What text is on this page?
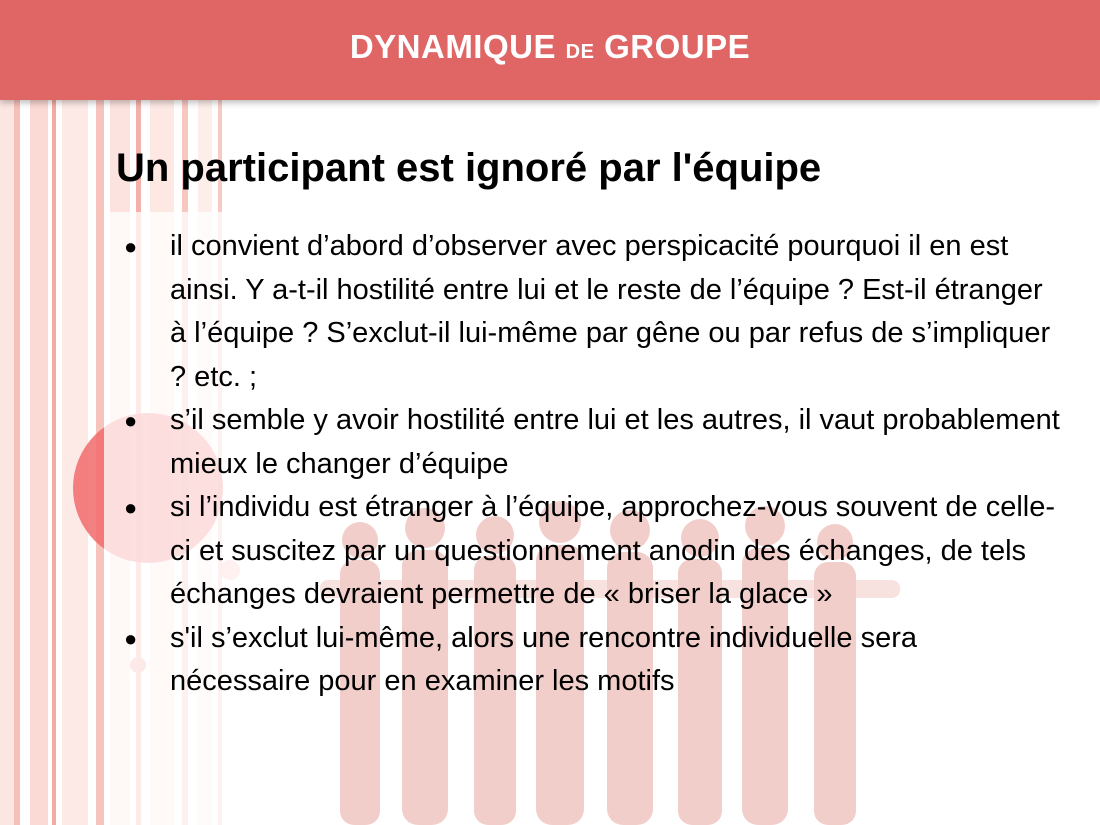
DYNAMIQUE DE GROUPE
Un participant est ignoré par l'équipe
● il convient d’abord d’observer avec perspicacité pourquoi il en est ainsi. Y a-t-il hostilité entre lui et le reste de l’équipe ? Est-il étranger à l’équipe ? S’exclut-il lui-même par gêne ou par refus de s’impliquer ? etc. ;
● s’il semble y avoir hostilité entre lui et les autres, il vaut probablement mieux le changer d’équipe
● si l’individu est étranger à l’équipe, approchez-vous souvent de celle-ci et suscitez par un questionnement anodin des échanges, de tels échanges devraient permettre de « briser la glace »
● s'il s’exclut lui-même, alors une rencontre individuelle sera nécessaire pour en examiner les motifs
